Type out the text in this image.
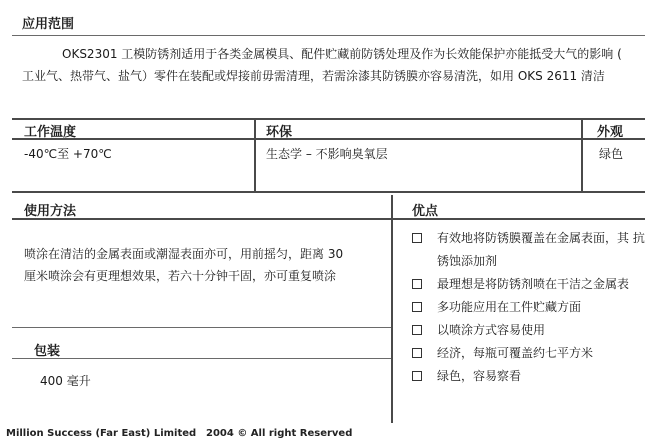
应用范围
OKS2301 工模防锈剂适用于各类金属模具、配件贮藏前防锈处理及作为长效能保护亦能抵受大气的影响 (
工业气、热带气、盐气）零件在装配或焊接前毋需清理，若需涂漆其防锈膜亦容易清洗，如用 OKS 2611 清洁
工作温度	环保	外观
-40℃至 +70℃	生态学 – 不影响臭氧层	绿色
使用方法	优点
喷涂在清洁的金属表面或潮湿表面亦可，用前摇匀，距离 30
厘米喷涂会有更理想效果，若六十分钟干固，亦可重复喷涂
包装
400 毫升
有效地将防锈膜覆盖在金属表面，其 抗锈蚀添加剂
最理想是将防锈剂喷在干洁之金属表
多功能应用在工件贮藏方面
以喷涂方式容易使用
经济，每瓶可覆盖约七平方米
绿色，容易察看
Million Success (Far East) Limited 2004 © All right Reserved
